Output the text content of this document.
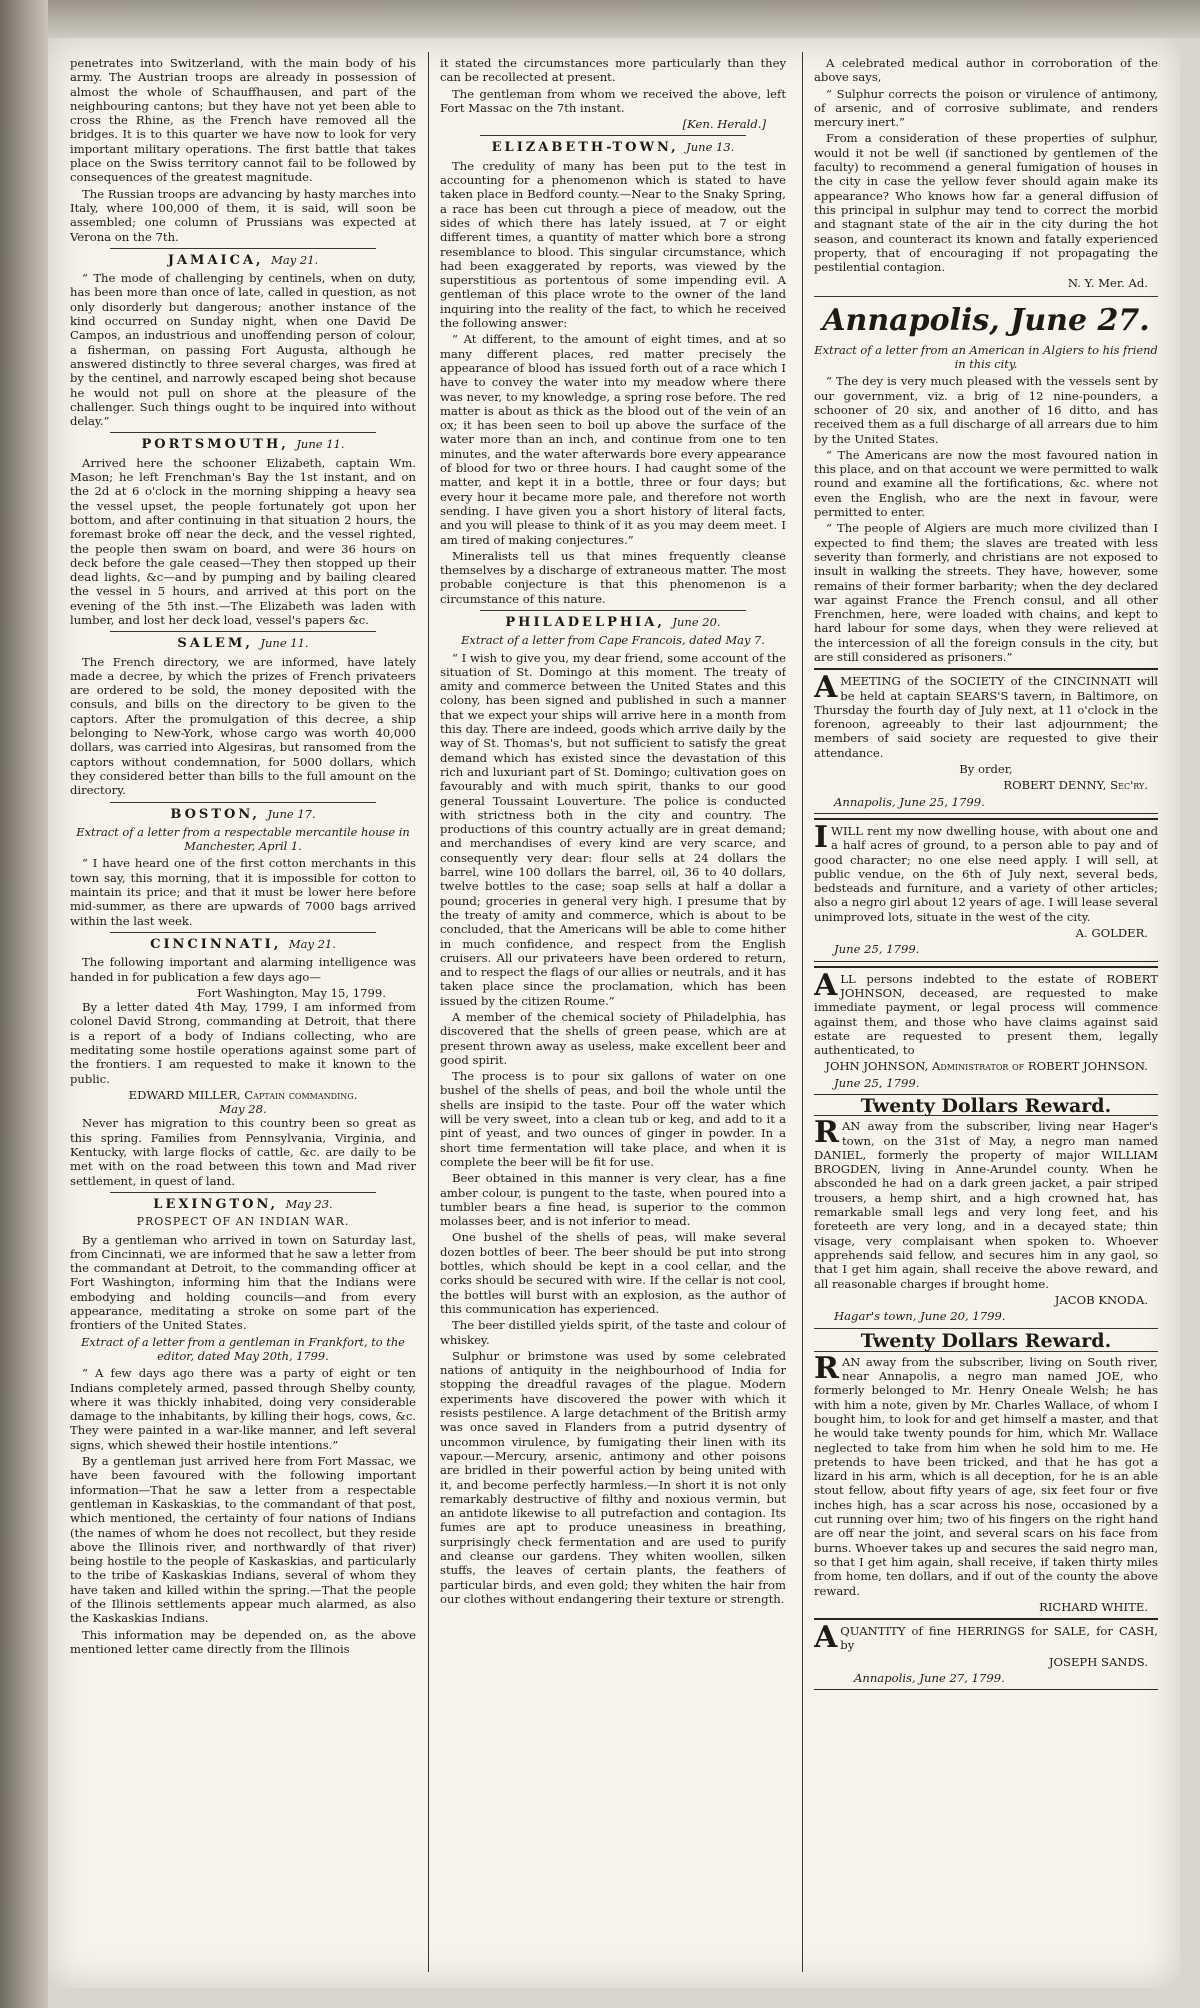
penetrates into Switzerland, with the main body of his army. The Austrian troops are already in possession of almost the whole of Schauffhausen, and part of the neighbouring cantons; but they have not yet been able to cross the Rhine, as the French have removed all the bridges. It is to this quarter we have now to look for very important military operations. The first battle that takes place on the Swiss territory cannot fail to be followed by consequences of the greatest magnitude.

The Russian troops are advancing by hasty marches into Italy, where 100,000 of them, it is said, will soon be assembled; one column of Prussians was expected at Verona on the 7th.

JAMAICA, May 21.

“ The mode of challenging by centinels, when on duty, has been more than once of late, called in question, as not only disorderly but dangerous; another instance of the kind occurred on Sunday night, when one David De Campos, an industrious and unoffending person of colour, a fisherman, on passing Fort Augusta, although he answered distinctly to three several charges, was fired at by the centinel, and narrowly escaped being shot because he would not pull on shore at the pleasure of the challenger. Such things ought to be inquired into without delay.”

PORTSMOUTH, June 11.

Arrived here the schooner Elizabeth, captain Wm. Mason; he left Frenchman's Bay the 1st instant, and on the 2d at 6 o'clock in the morning shipping a heavy sea the vessel upset, the people fortunately got upon her bottom, and after continuing in that situation 2 hours, the foremast broke off near the deck, and the vessel righted, the people then swam on board, and were 36 hours on deck before the gale ceased—They then stopped up their dead lights, &c—and by pumping and by bailing cleared the vessel in 5 hours, and arrived at this port on the evening of the 5th inst.—The Elizabeth was laden with lumber, and lost her deck load, vessel's papers &c.

SALEM, June 11.

The French directory, we are informed, have lately made a decree, by which the prizes of French privateers are ordered to be sold, the money deposited with the consuls, and bills on the directory to be given to the captors. After the promulgation of this decree, a ship belonging to New-York, whose cargo was worth 40,000 dollars, was carried into Algesiras, but ransomed from the captors without condemnation, for 5000 dollars, which they considered better than bills to the full amount on the directory.

BOSTON, June 17.
Extract of a letter from a respectable mercantile house in Manchester, April 1.

“ I have heard one of the first cotton merchants in this town say, this morning, that it is impossible for cotton to maintain its price; and that it must be lower here before mid-summer, as there are upwards of 7000 bags arrived within the last week.

CINCINNATI, May 21.

The following important and alarming intelligence was handed in for publication a few days ago—

Fort Washington, May 15, 1799.

By a letter dated 4th May, 1799, I am informed from colonel David Strong, commanding at Detroit, that there is a report of a body of Indians collecting, who are meditating some hostile operations against some part of the frontiers. I am requested to make it known to the public.

EDWARD MILLER, Captain commanding.
May 28.

Never has migration to this country been so great as this spring. Families from Pennsylvania, Virginia, and Kentucky, with large flocks of cattle, &c. are daily to be met with on the road between this town and Mad river settlement, in quest of land.

LEXINGTON, May 23.
PROSPECT OF AN INDIAN WAR.

By a gentleman who arrived in town on Saturday last, from Cincinnati, we are informed that he saw a letter from the commandant at Detroit, to the commanding officer at Fort Washington, informing him that the Indians were embodying and holding councils—and from every appearance, meditating a stroke on some part of the frontiers of the United States.

Extract of a letter from a gentleman in Frankfort, to the editor, dated May 20th, 1799.

“ A few days ago there was a party of eight or ten Indians completely armed, passed through Shelby county, where it was thickly inhabited, doing very considerable damage to the inhabitants, by killing their hogs, cows, &c. They were painted in a war-like manner, and left several signs, which shewed their hostile intentions.”

By a gentleman just arrived here from Fort Massac, we have been favoured with the following important information—That he saw a letter from a respectable gentleman in Kaskaskias, to the commandant of that post, which mentioned, the certainty of four nations of Indians (the names of whom he does not recollect, but they reside above the Illinois river, and northwardly of that river) being hostile to the people of Kaskaskias, and particularly to the tribe of Kaskaskias Indians, several of whom they have taken and killed within the spring.—That the people of the Illinois settlements appear much alarmed, as also the Kaskaskias Indians.

This information may be depended on, as the above mentioned letter came directly from the Illinois

it stated the circumstances more particularly than they can be recollected at present.

The gentleman from whom we received the above, left Fort Massac on the 7th instant.

[Ken. Herald.]
ELIZABETH-TOWN, June 13.

The credulity of many has been put to the test in accounting for a phenomenon which is stated to have taken place in Bedford county.—Near to the Snaky Spring, a race has been cut through a piece of meadow, out the sides of which there has lately issued, at 7 or eight different times, a quantity of matter which bore a strong resemblance to blood. This singular circumstance, which had been exaggerated by reports, was viewed by the superstitious as portentous of some impending evil. A gentleman of this place wrote to the owner of the land inquiring into the reality of the fact, to which he received the following answer:

“ At different, to the amount of eight times, and at so many different places, red matter precisely the appearance of blood has issued forth out of a race which I have to convey the water into my meadow where there was never, to my knowledge, a spring rose before. The red matter is about as thick as the blood out of the vein of an ox; it has been seen to boil up above the surface of the water more than an inch, and continue from one to ten minutes, and the water afterwards bore every appearance of blood for two or three hours. I had caught some of the matter, and kept it in a bottle, three or four days; but every hour it became more pale, and therefore not worth sending. I have given you a short history of literal facts, and you will please to think of it as you may deem meet. I am tired of making conjectures.”

Mineralists tell us that mines frequently cleanse themselves by a discharge of extraneous matter. The most probable conjecture is that this phenomenon is a circumstance of this nature.

PHILADELPHIA, June 20.
Extract of a letter from Cape Francois, dated May 7.

“ I wish to give you, my dear friend, some account of the situation of St. Domingo at this moment. The treaty of amity and commerce between the United States and this colony, has been signed and published in such a manner that we expect your ships will arrive here in a month from this day. There are indeed, goods which arrive daily by the way of St. Thomas's, but not sufficient to satisfy the great demand which has existed since the devastation of this rich and luxuriant part of St. Domingo; cultivation goes on favourably and with much spirit, thanks to our good general Toussaint Louverture. The police is conducted with strictness both in the city and country. The productions of this country actually are in great demand; and merchandises of every kind are very scarce, and consequently very dear: flour sells at 24 dollars the barrel, wine 100 dollars the barrel, oil, 36 to 40 dollars, twelve bottles to the case; soap sells at half a dollar a pound; groceries in general very high. I presume that by the treaty of amity and commerce, which is about to be concluded, that the Americans will be able to come hither in much confidence, and respect from the English cruisers. All our privateers have been ordered to return, and to respect the flags of our allies or neutrals, and it has taken place since the proclamation, which has been issued by the citizen Roume.”

A member of the chemical society of Philadelphia, has discovered that the shells of green pease, which are at present thrown away as useless, make excellent beer and good spirit.

The process is to pour six gallons of water on one bushel of the shells of peas, and boil the whole until the shells are insipid to the taste. Pour off the water which will be very sweet, into a clean tub or keg, and add to it a pint of yeast, and two ounces of ginger in powder. In a short time fermentation will take place, and when it is complete the beer will be fit for use.

Beer obtained in this manner is very clear, has a fine amber colour, is pungent to the taste, when poured into a tumbler bears a fine head, is superior to the common molasses beer, and is not inferior to mead.

One bushel of the shells of peas, will make several dozen bottles of beer. The beer should be put into strong bottles, which should be kept in a cool cellar, and the corks should be secured with wire. If the cellar is not cool, the bottles will burst with an explosion, as the author of this communication has experienced.

The beer distilled yields spirit, of the taste and colour of whiskey.

Sulphur or brimstone was used by some celebrated nations of antiquity in the neighbourhood of India for stopping the dreadful ravages of the plague. Modern experiments have discovered the power with which it resists pestilence. A large detachment of the British army was once saved in Flanders from a putrid dysentry of uncommon virulence, by fumigating their linen with its vapour.—Mercury, arsenic, antimony and other poisons are bridled in their powerful action by being united with it, and become perfectly harmless.—In short it is not only remarkably destructive of filthy and noxious vermin, but an antidote likewise to all putrefaction and contagion. Its fumes are apt to produce uneasiness in breathing, surprisingly check fermentation and are used to purify and cleanse our gardens. They whiten woollen, silken stuffs, the leaves of certain plants, the feathers of particular birds, and even gold; they whiten the hair from our clothes without endangering their texture or strength.

A celebrated medical author in corroboration of the above says,

“ Sulphur corrects the poison or virulence of antimony, of arsenic, and of corrosive sublimate, and renders mercury inert.”

From a consideration of these properties of sulphur, would it not be well (if sanctioned by gentlemen of the faculty) to recommend a general fumigation of houses in the city in case the yellow fever should again make its appearance? Who knows how far a general diffusion of this principal in sulphur may tend to correct the morbid and stagnant state of the air in the city during the hot season, and counteract its known and fatally experienced property, that of encouraging if not propagating the pestilential contagion.

N. Y. Mer. Ad.
Annapolis, June 27.
Extract of a letter from an American in Algiers to his friend in this city.

“ The dey is very much pleased with the vessels sent by our government, viz. a brig of 12 nine-pounders, a schooner of 20 six, and another of 16 ditto, and has received them as a full discharge of all arrears due to him by the United States.

“ The Americans are now the most favoured nation in this place, and on that account we were permitted to walk round and examine all the fortifications, &c. where not even the English, who are the next in favour, were permitted to enter.

“ The people of Algiers are much more civilized than I expected to find them; the slaves are treated with less severity than formerly, and christians are not exposed to insult in walking the streets. They have, however, some remains of their former barbarity; when the dey declared war against France the French consul, and all other Frenchmen, here, were loaded with chains, and kept to hard labour for some days, when they were relieved at the intercession of all the foreign consuls in the city, but are still considered as prisoners.”

AMEETING of the SOCIETY of the CINCINNATI will be held at captain SEARS'S tavern, in Baltimore, on Thursday the fourth day of July next, at 11 o'clock in the forenoon, agreeably to their last adjournment; the members of said society are requested to give their attendance.

By order,
ROBERT DENNY, Sec'ry.
Annapolis, June 25, 1799.

IWILL rent my now dwelling house, with about one and a half acres of ground, to a person able to pay and of good character; no one else need apply. I will sell, at public vendue, on the 6th of July next, several beds, bedsteads and furniture, and a variety of other articles; also a negro girl about 12 years of age. I will lease several unimproved lots, situate in the west of the city.

A. GOLDER.
June 25, 1799.

ALL persons indebted to the estate of ROBERT JOHNSON, deceased, are requested to make immediate payment, or legal process will commence against them, and those who have claims against said estate are requested to present them, legally authenticated, to

JOHN JOHNSON, Administrator of ROBERT JOHNSON.
June 25, 1799.
Twenty Dollars Reward.

RAN away from the subscriber, living near Hager's town, on the 31st of May, a negro man named DANIEL, formerly the property of major WILLIAM BROGDEN, living in Anne-Arundel county. When he absconded he had on a dark green jacket, a pair striped trousers, a hemp shirt, and a high crowned hat, has remarkable small legs and very long feet, and his foreteeth are very long, and in a decayed state; thin visage, very complaisant when spoken to. Whoever apprehends said fellow, and secures him in any gaol, so that I get him again, shall receive the above reward, and all reasonable charges if brought home.

JACOB KNODA.
Hagar's town, June 20, 1799.
Twenty Dollars Reward.

RAN away from the subscriber, living on South river, near Annapolis, a negro man named JOE, who formerly belonged to Mr. Henry Oneale Welsh; he has with him a note, given by Mr. Charles Wallace, of whom I bought him, to look for and get himself a master, and that he would take twenty pounds for him, which Mr. Wallace neglected to take from him when he sold him to me. He pretends to have been tricked, and that he has got a lizard in his arm, which is all deception, for he is an able stout fellow, about fifty years of age, six feet four or five inches high, has a scar across his nose, occasioned by a cut running over him; two of his fingers on the right hand are off near the joint, and several scars on his face from burns. Whoever takes up and secures the said negro man, so that I get him again, shall receive, if taken thirty miles from home, ten dollars, and if out of the county the above reward.

RICHARD WHITE.

AQUANTITY of fine HERRINGS for SALE, for CASH, by

JOSEPH SANDS.
Annapolis, June 27, 1799.
